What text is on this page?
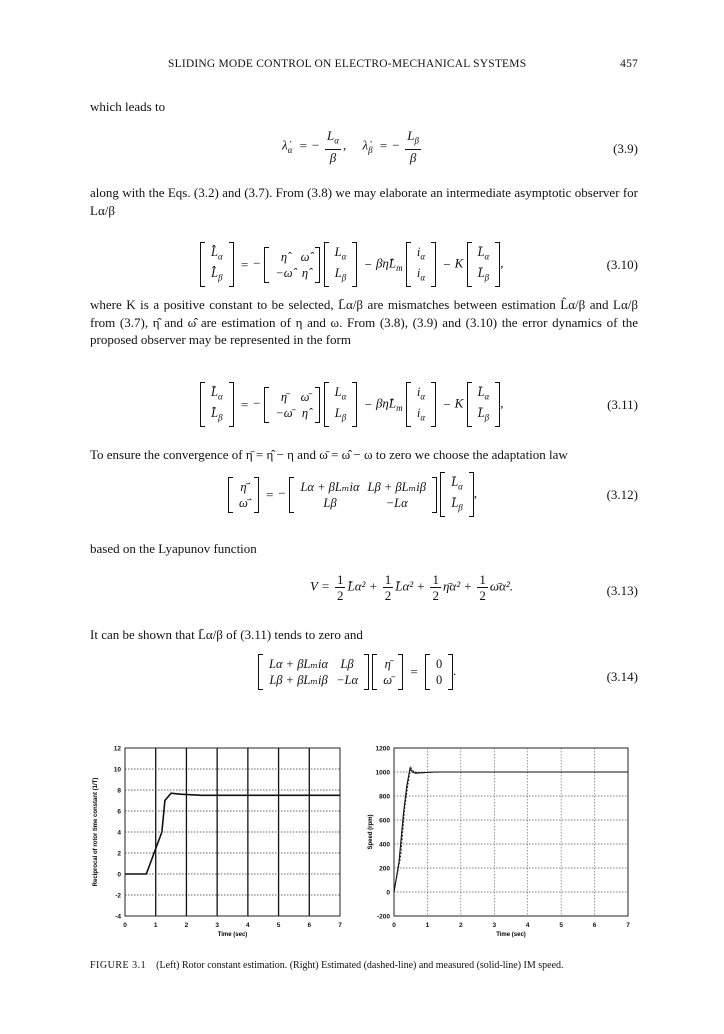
SLIDING MODE CONTROL ON ELECTRO-MECHANICAL SYSTEMS	457
which leads to
$\lambdȧ_\alpha$ = − $\frac{L_\alpha}{\beta}$ , $\lambdȧ_\beta$ = − $\frac{L_\beta}{\beta}$	(3.9)
along with the Eqs. (3.2) and (3.7). From (3.8) we may elaborate an intermediate asymptotic observer for Lα/β
$L̂̇_\alpha$
$L̂̇_\beta$
= − η̂	ω̂
−ω̂	η̂

$L_\alpha$
$L_\beta$
− $\beta\etâL_m$
$i_\alpha$
$i_\alpha$
− K
$L̄_\alpha$
$L̄_\beta$
,	(3.10)
where K is a positive constant to be selected, L̄α/β are mismatches between estimation L̂α/β and Lα/β from (3.7), η̂ and ω̂ are estimation of η and ω. From (3.8), (3.9) and (3.10) the error dynamics of the proposed observer may be represented in the form
$L̄̇_\alpha$
$L̄̇_\beta$
= − η̄	ω̄
−ω̄	η̂

$L_\alpha$
$L_\beta$
− $\beta\etâL_m$
$i_\alpha$
$i_\alpha$
− K
$L̄_\alpha$
$L̄_\beta$
,	(3.11)
To ensure the convergence of η̄ = η̂ − η and ω̄ = ω̂ − ω to zero we choose the adaptation law
η̄̇
ω̄̇
= − Lα + βLₘiα	Lβ + βLₘiβ
Lβ	−Lα

$L̄_\alpha$
$L̄_\beta$
,	(3.12)
based on the Lyapunov function
$V = \frac{1}{2}$ L̄α² + $\frac{1}{2}$ L̄α² + $\frac{1}{2}$ η̄α² + $\frac{1}{2}$ ω̄α².	(3.13)
It can be shown that L̄α/β of (3.11) tends to zero and
Lα + βLₘiα	Lβ
Lβ + βLₘiβ	−Lα

η̄
ω̄
= 0
0
.	(3.14)
0	1	2	3	4	5	6	7
12
10
8
6
4
2
0
-2
-4
Time (sec)
Reciprocal of rotor time constant (1/T)
0	1	2	3	4	5	6	7
1200
1000
800
600
400
200
0
-200
Time (sec)
Speed (rpm)
FIGURE 3.1 (Left) Rotor constant estimation. (Right) Estimated (dashed-line) and measured (solid-line) IM speed.
